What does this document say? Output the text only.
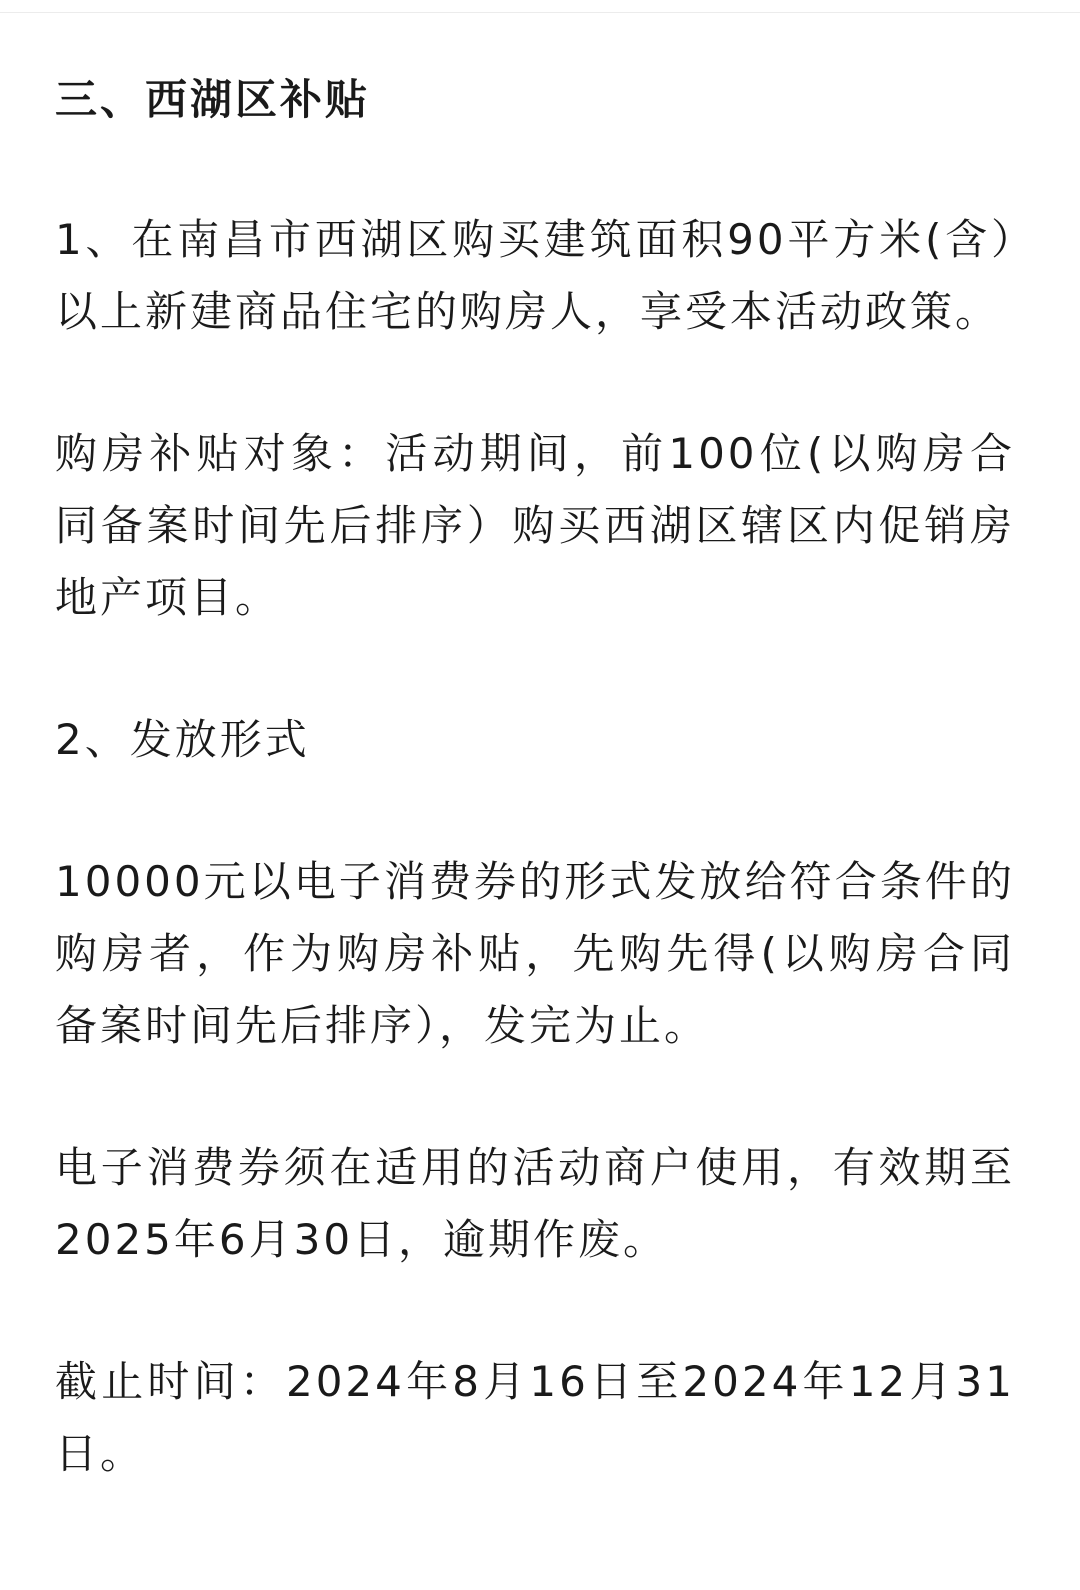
三、西湖区补贴

1、在南昌市西湖区购买建筑面积90平方米(含）以上新建商品住宅的购房人，享受本活动政策。

购房补贴对象：活动期间，前100位(以购房合同备案时间先后排序）购买西湖区辖区内促销房地产项目。

2、发放形式

10000元以电子消费券的形式发放给符合条件的购房者，作为购房补贴，先购先得(以购房合同备案时间先后排序），发完为止。

电子消费券须在适用的活动商户使用，有效期至2025年6月30日，逾期作废。

截止时间：2024年8月16日至2024年12月31日。
